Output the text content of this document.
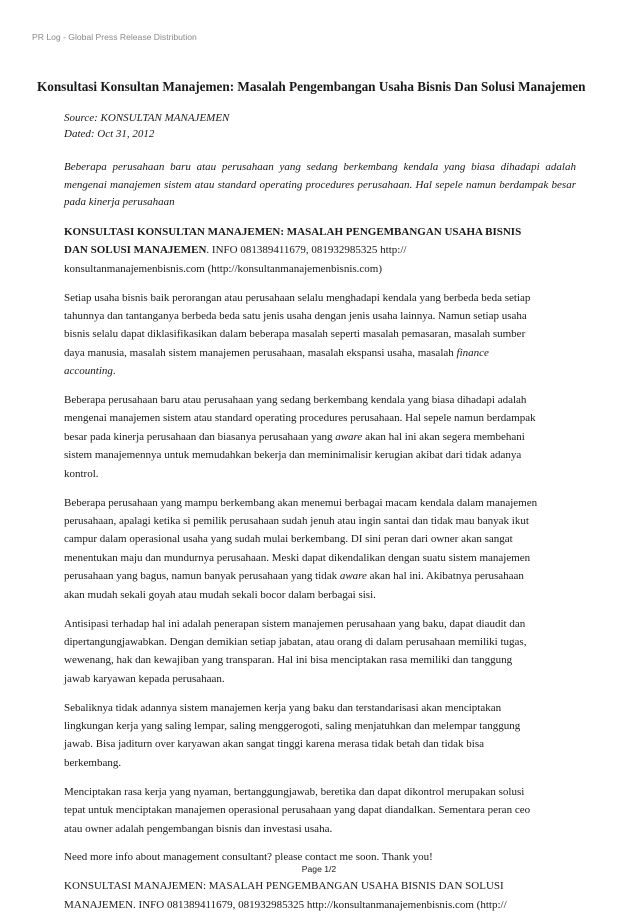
PR Log - Global Press Release Distribution
Konsultasi Konsultan Manajemen: Masalah Pengembangan Usaha Bisnis Dan Solusi Manajemen
Source: KONSULTAN MANAJEMEN
Dated: Oct 31, 2012
Beberapa perusahaan baru atau perusahaan yang sedang berkembang kendala yang biasa dihadapi adalah mengenai manajemen sistem atau standard operating procedures perusahaan. Hal sepele namun berdampak besar pada kinerja perusahaan
KONSULTASI KONSULTAN MANAJEMEN: MASALAH PENGEMBANGAN USAHA BISNIS
DAN SOLUSI MANAJEMEN. INFO 081389411679, 081932985325 http://
konsultanmanajemenbisnis.com (http://konsultanmanajemenbisnis.com)
Setiap usaha bisnis baik perorangan atau perusahaan selalu menghadapi kendala yang berbeda beda setiap
tahunnya dan tantanganya berbeda beda satu jenis usaha dengan jenis usaha lainnya. Namun setiap usaha
bisnis selalu dapat diklasifikasikan dalam beberapa masalah seperti masalah pemasaran, masalah sumber
daya manusia, masalah sistem manajemen perusahaan, masalah ekspansi usaha, masalah finance
accounting.
Beberapa perusahaan baru atau perusahaan yang sedang berkembang kendala yang biasa dihadapi adalah
mengenai manajemen sistem atau standard operating procedures perusahaan. Hal sepele namun berdampak
besar pada kinerja perusahaan dan biasanya perusahaan yang aware akan hal ini akan segera membehani
sistem manajemennya untuk memudahkan bekerja dan meminimalisir kerugian akibat dari tidak adanya
kontrol.
Beberapa perusahaan yang mampu berkembang akan menemui berbagai macam kendala dalam manajemen
perusahaan, apalagi ketika si pemilik perusahaan sudah jenuh atau ingin santai dan tidak mau banyak ikut
campur dalam operasional usaha yang sudah mulai berkembang. DI sini peran dari owner akan sangat
menentukan maju dan mundurnya perusahaan. Meski dapat dikendalikan dengan suatu sistem manajemen
perusahaan yang bagus, namun banyak perusahaan yang tidak aware akan hal ini. Akibatnya perusahaan
akan mudah sekali goyah atau mudah sekali bocor dalam berbagai sisi.
Antisipasi terhadap hal ini adalah penerapan sistem manajemen perusahaan yang baku, dapat diaudit dan
dipertangungjawabkan. Dengan demikian setiap jabatan, atau orang di dalam perusahaan memiliki tugas,
wewenang, hak dan kewajiban yang transparan. Hal ini bisa menciptakan rasa memiliki dan tanggung
jawab karyawan kepada perusahaan.
Sebaliknya tidak adannya sistem manajemen kerja yang baku dan terstandarisasi akan menciptakan
lingkungan kerja yang saling lempar, saling menggerogoti, saling menjatuhkan dan melempar tanggung
jawab. Bisa jaditurn over karyawan akan sangat tinggi karena merasa tidak betah dan tidak bisa
berkembang.
Menciptakan rasa kerja yang nyaman, bertanggungjawab, beretika dan dapat dikontrol merupakan solusi
tepat untuk menciptakan manajemen operasional perusahaan yang dapat diandalkan. Sementara peran ceo
atau owner adalah pengembangan bisnis dan investasi usaha.
Need more info about management consultant? please contact me soon. Thank you!
KONSULTASI MANAJEMEN: MASALAH PENGEMBANGAN USAHA BISNIS DAN SOLUSI
MANAJEMEN. INFO 081389411679, 081932985325 http://konsultanmanajemenbisnis.com (http://
Page 1/2
